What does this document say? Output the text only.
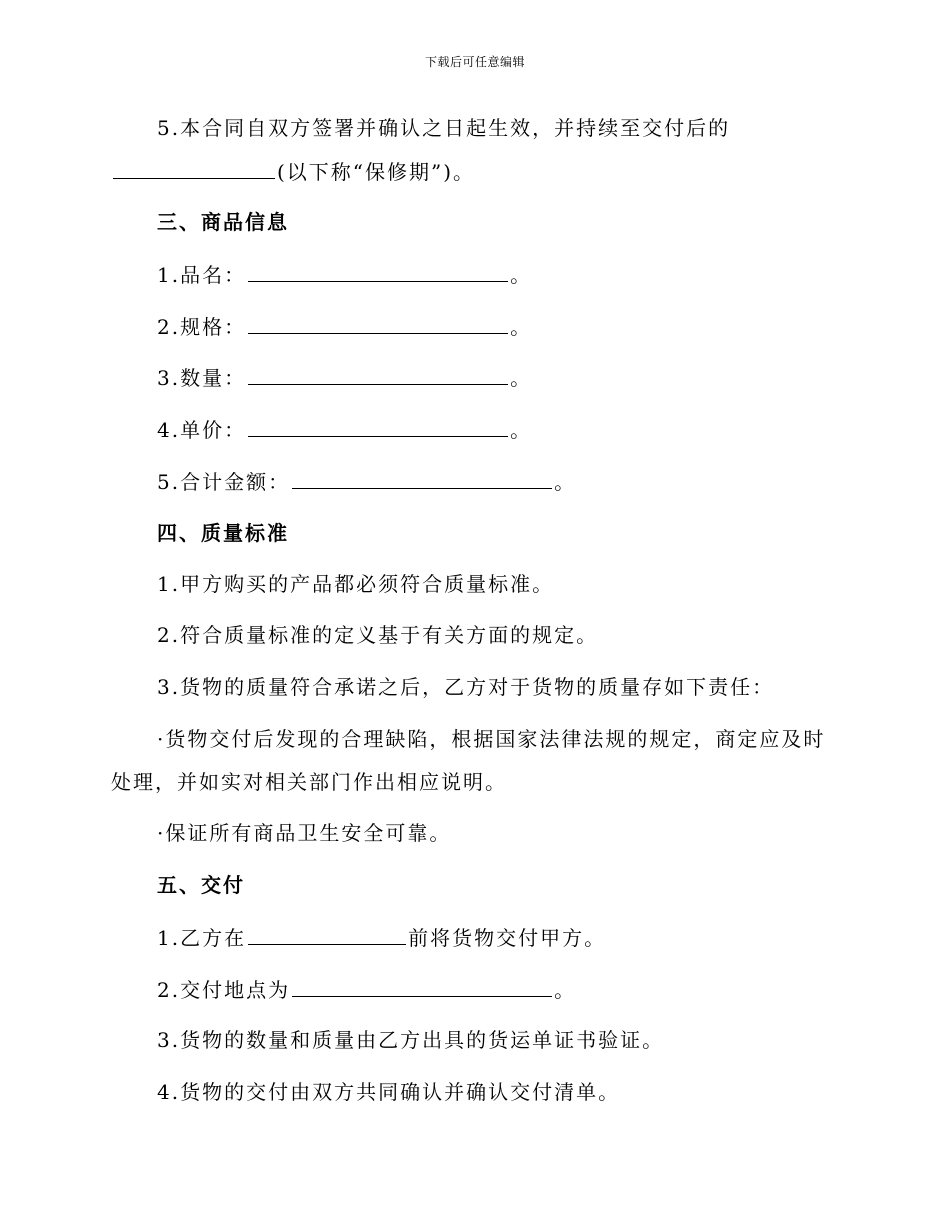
下载后可任意编辑
5.本合同自双方签署并确认之日起生效，并持续至交付后的
(以下称“保修期”)。
三、商品信息
1.品名：	。
2.规格：	。
3.数量：	。
4.单价：	。
5.合计金额：	。
四、质量标准
1.甲方购买的产品都必须符合质量标准。
2.符合质量标准的定义基于有关方面的规定。
3.货物的质量符合承诺之后，乙方对于货物的质量存如下责任：
·货物交付后发现的合理缺陷，根据国家法律法规的规定，商定应及时
处理，并如实对相关部门作出相应说明。
·保证所有商品卫生安全可靠。
五、交付
1.乙方在	前将货物交付甲方。
2.交付地点为	。
3.货物的数量和质量由乙方出具的货运单证书验证。
4.货物的交付由双方共同确认并确认交付清单。
